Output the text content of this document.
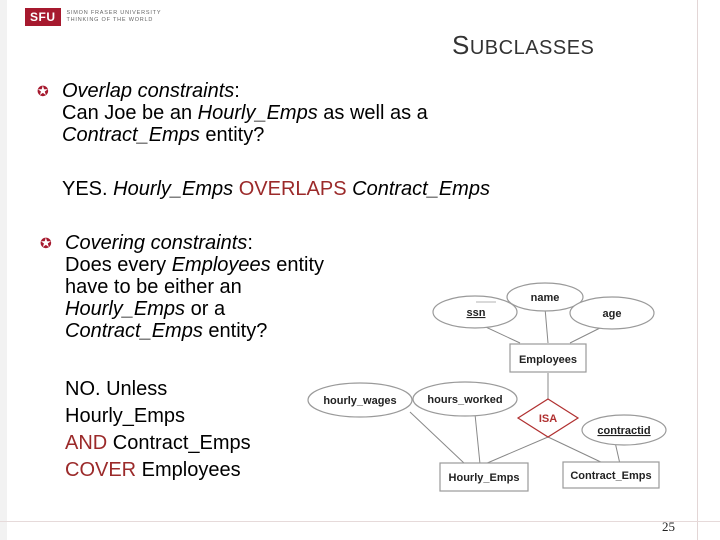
SFU	SIMON FRASER UNIVERSITY
THINKING OF THE WORLD
SUBCLASSES
✪ Overlap constraints:
Can Joe be an Hourly_Emps as well as a
Contract_Emps entity?
YES. Hourly_Emps OVERLAPS Contract_Emps
✪ Covering constraints:
Does every Employees entity
have to be either an
Hourly_Emps or a
Contract_Emps entity?
NO. Unless
Hourly_Emps
AND Contract_Emps
COVER Employees
ssn
name
age
Employees
hourly_wages	hours_worked
ISA
contractid
Hourly_Emps	Contract_Emps
25
